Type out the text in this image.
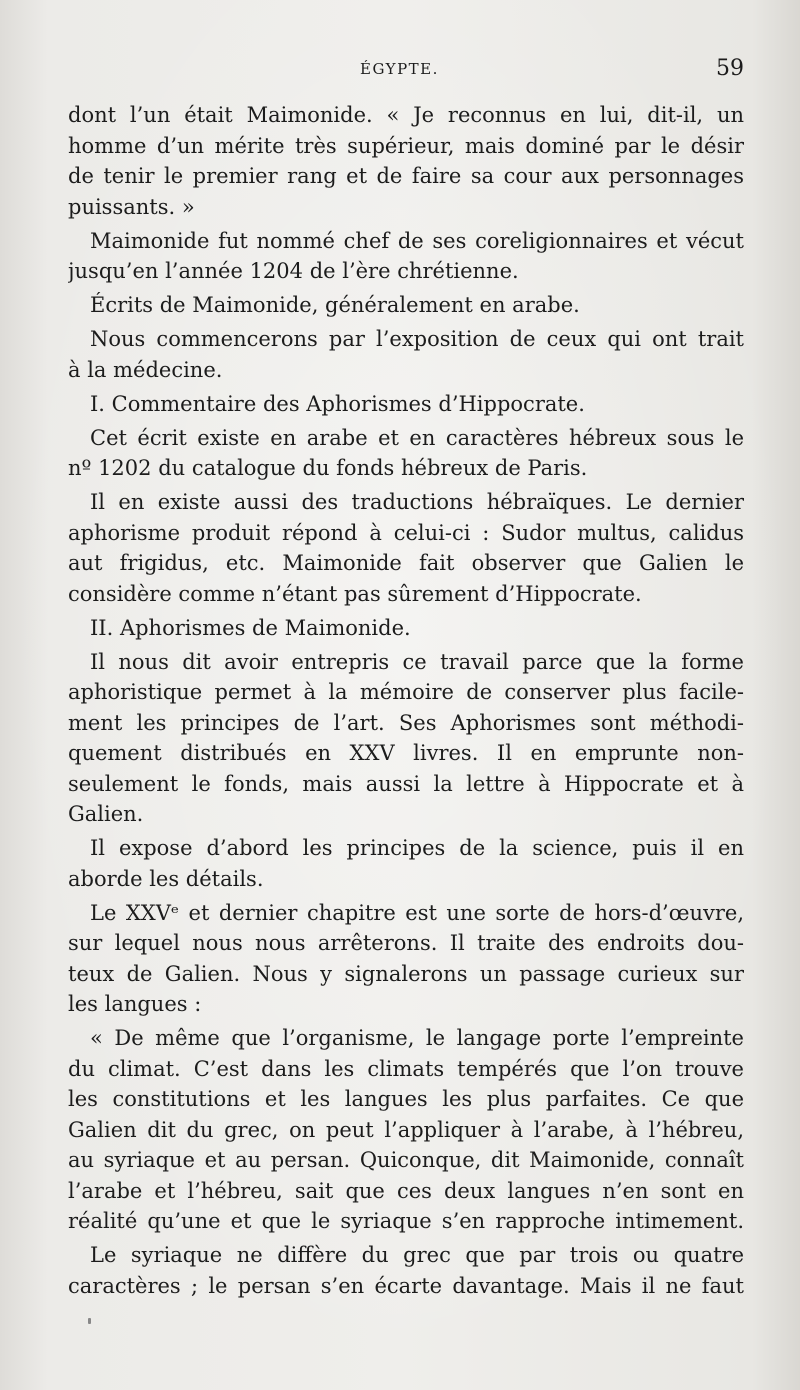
ÉGYPTE.	59
dont l’un était Maimonide. « Je reconnus en lui, dit-il, un
homme d’un mérite très supérieur, mais dominé par le désir
de tenir le premier rang et de faire sa cour aux personnages
puissants. »
Maimonide fut nommé chef de ses coreligionnaires et vécut
jusqu’en l’année 1204 de l’ère chrétienne.
Écrits de Maimonide, généralement en arabe.
Nous commencerons par l’exposition de ceux qui ont trait
à la médecine.
I. Commentaire des Aphorismes d’Hippocrate.
Cet écrit existe en arabe et en caractères hébreux sous le
nº 1202 du catalogue du fonds hébreux de Paris.
Il en existe aussi des traductions hébraïques. Le dernier
aphorisme produit répond à celui-ci : Sudor multus, calidus
aut frigidus, etc. Maimonide fait observer que Galien le
considère comme n’étant pas sûrement d’Hippocrate.
II. Aphorismes de Maimonide.
Il nous dit avoir entrepris ce travail parce que la forme
aphoristique permet à la mémoire de conserver plus facile-
ment les principes de l’art. Ses Aphorismes sont méthodi-
quement distribués en XXV livres. Il en emprunte non-
seulement le fonds, mais aussi la lettre à Hippocrate et à
Galien.
Il expose d’abord les principes de la science, puis il en
aborde les détails.
Le XXVᵉ et dernier chapitre est une sorte de hors-d’œuvre,
sur lequel nous nous arrêterons. Il traite des endroits dou-
teux de Galien. Nous y signalerons un passage curieux sur
les langues :
« De même que l’organisme, le langage porte l’empreinte
du climat. C’est dans les climats tempérés que l’on trouve
les constitutions et les langues les plus parfaites. Ce que
Galien dit du grec, on peut l’appliquer à l’arabe, à l’hébreu,
au syriaque et au persan. Quiconque, dit Maimonide, connaît
l’arabe et l’hébreu, sait que ces deux langues n’en sont en
réalité qu’une et que le syriaque s’en rapproche intimement.
Le syriaque ne diffère du grec que par trois ou quatre
caractères ; le persan s’en écarte davantage. Mais il ne faut
